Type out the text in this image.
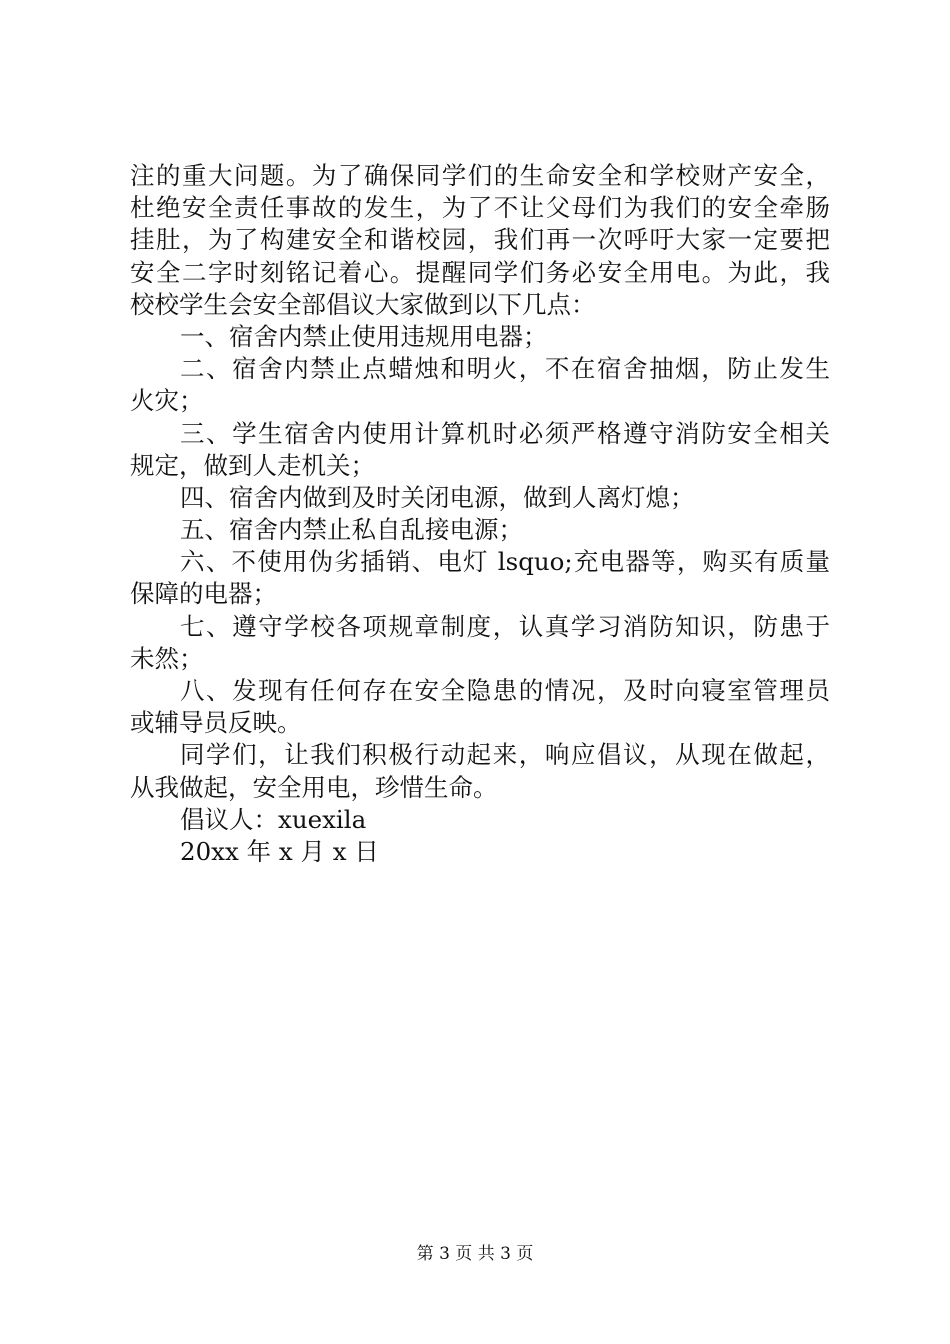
注的重大问题。为了确保同学们的生命安全和学校财产安全，
杜绝安全责任事故的发生，为了不让父母们为我们的安全牵肠
挂肚，为了构建安全和谐校园，我们再一次呼吁大家一定要把
安全二字时刻铭记着心。提醒同学们务必安全用电。为此，我
校校学生会安全部倡议大家做到以下几点：
一、宿舍内禁止使用违规用电器；
二、宿舍内禁止点蜡烛和明火，不在宿舍抽烟，防止发生
火灾；
三、学生宿舍内使用计算机时必须严格遵守消防安全相关
规定，做到人走机关；
四、宿舍内做到及时关闭电源，做到人离灯熄；
五、宿舍内禁止私自乱接电源；
六、不使用伪劣插销、电灯 lsquo;充电器等，购买有质量
保障的电器；
七、遵守学校各项规章制度，认真学习消防知识，防患于
未然；
八、发现有任何存在安全隐患的情况，及时向寝室管理员
或辅导员反映。
同学们，让我们积极行动起来，响应倡议，从现在做起，
从我做起，安全用电，珍惜生命。
倡议人：xuexila
20xx 年 x 月 x 日
第 3 页 共 3 页
